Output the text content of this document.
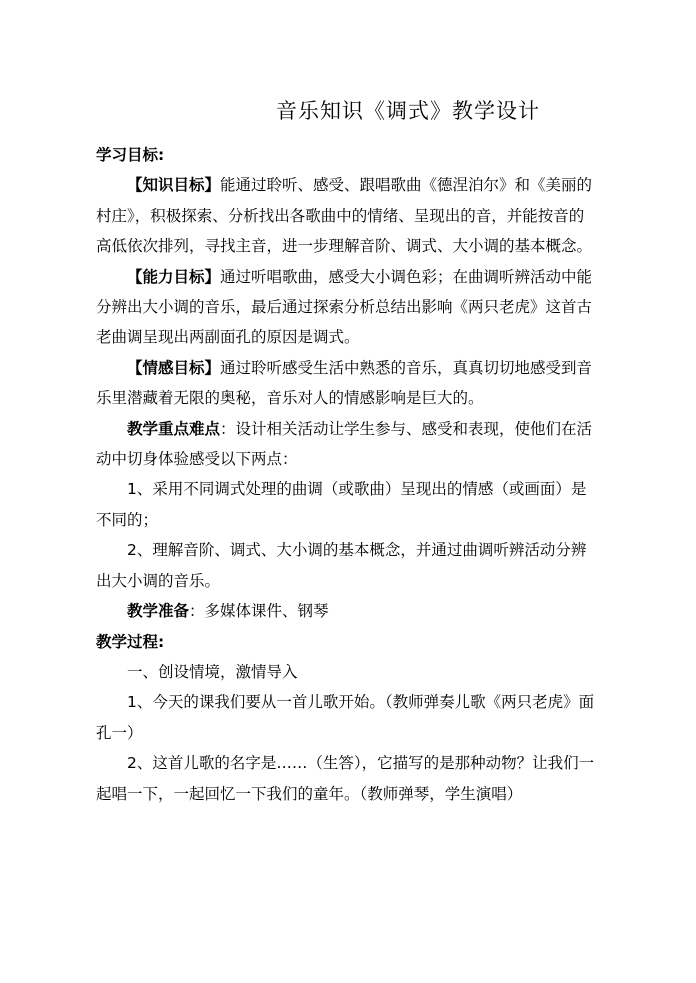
音乐知识《调式》教学设计

学习目标:

【知识目标】能通过聆听、感受、跟唱歌曲《德涅泊尔》和《美丽的村庄》，积极探索、分析找出各歌曲中的情绪、呈现出的音，并能按音的高低依次排列，寻找主音，进一步理解音阶、调式、大小调的基本概念。

【能力目标】通过听唱歌曲，感受大小调色彩；在曲调听辨活动中能分辨出大小调的音乐，最后通过探索分析总结出影响《两只老虎》这首古老曲调呈现出两副面孔的原因是调式。

【情感目标】通过聆听感受生活中熟悉的音乐，真真切切地感受到音乐里潜藏着无限的奥秘，音乐对人的情感影响是巨大的。

教学重点难点：设计相关活动让学生参与、感受和表现，使他们在活动中切身体验感受以下两点：

1、采用不同调式处理的曲调（或歌曲）呈现出的情感（或画面）是不同的；

2、理解音阶、调式、大小调的基本概念，并通过曲调听辨活动分辨出大小调的音乐。

教学准备：多媒体课件、钢琴

教学过程:

一、创设情境，激情导入

1、今天的课我们要从一首儿歌开始。（教师弹奏儿歌《两只老虎》面孔一）

2、这首儿歌的名字是……（生答），它描写的是那种动物？让我们一起唱一下，一起回忆一下我们的童年。（教师弹琴，学生演唱）
